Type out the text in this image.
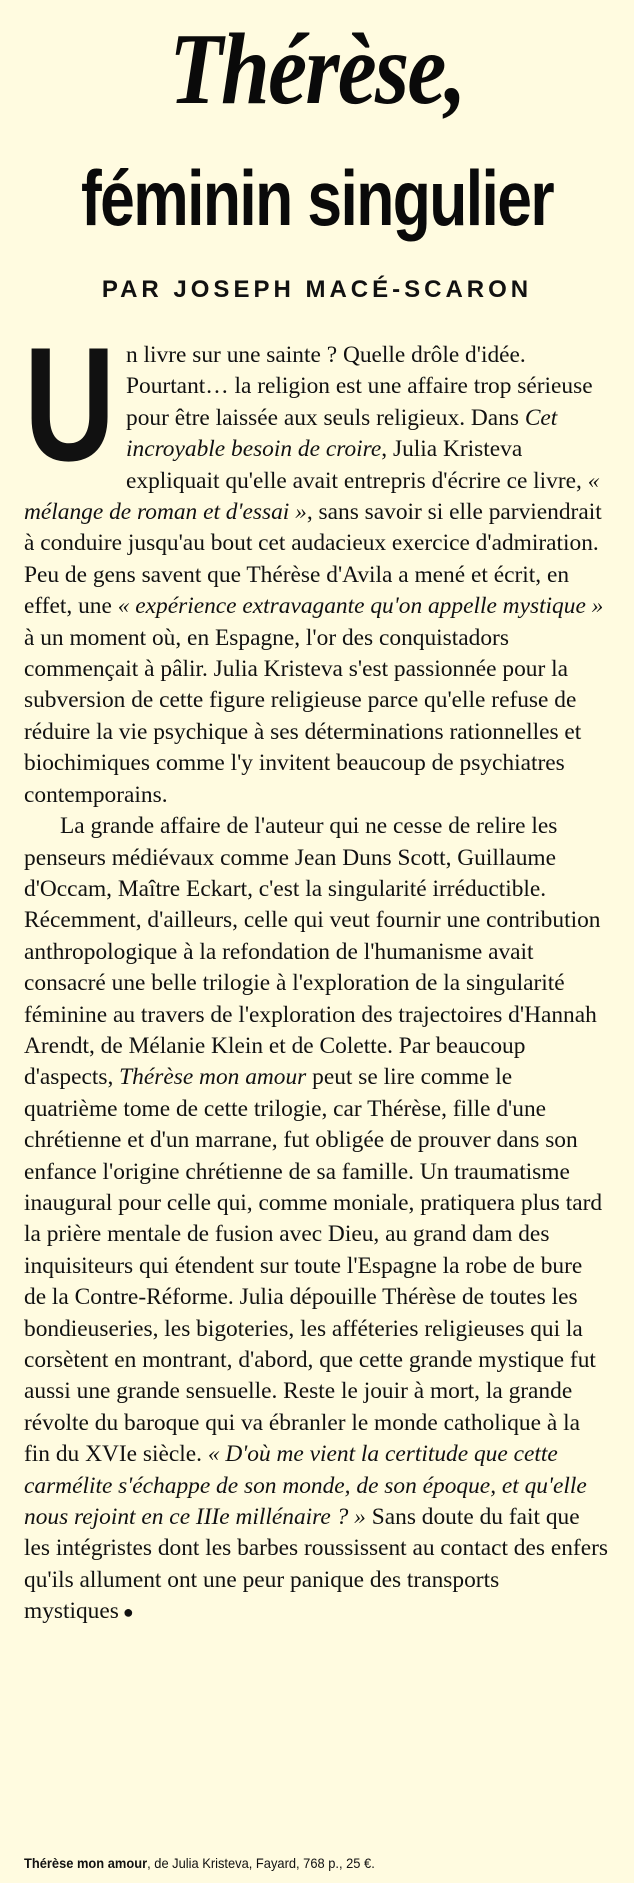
Thérèse,
féminin singulier
PAR JOSEPH MACÉ-SCARON
U n livre sur une sainte ? Quelle drôle d'idée. Pourtant… la religion est une affaire trop sérieuse pour être laissée aux seuls religieux. Dans Cet incroyable besoin de croire, Julia Kristeva expliquait qu'elle avait entrepris d'écrire ce livre, « mélange de roman et d'essai », sans savoir si elle parviendrait à conduire jusqu'au bout cet audacieux exercice d'admiration. Peu de gens savent que Thérèse d'Avila a mené et écrit, en effet, une « expérience extravagante qu'on appelle mystique » à un moment où, en Espagne, l'or des conquistadors commençait à pâlir. Julia Kristeva s'est passionnée pour la subversion de cette figure religieuse parce qu'elle refuse de réduire la vie psychique à ses déterminations rationnelles et biochimiques comme l'y invitent beaucoup de psychiatres contemporains.

La grande affaire de l'auteur qui ne cesse de relire les penseurs médiévaux comme Jean Duns Scott, Guillaume d'Occam, Maître Eckart, c'est la singularité irréductible. Récemment, d'ailleurs, celle qui veut fournir une contribution anthropologique à la refondation de l'humanisme avait consacré une belle trilogie à l'exploration de la singularité féminine au travers de l'exploration des trajectoires d'Hannah Arendt, de Mélanie Klein et de Colette. Par beaucoup d'aspects, Thérèse mon amour peut se lire comme le quatrième tome de cette trilogie, car Thérèse, fille d'une chrétienne et d'un marrane, fut obligée de prouver dans son enfance l'origine chrétienne de sa famille. Un traumatisme inaugural pour celle qui, comme moniale, pratiquera plus tard la prière mentale de fusion avec Dieu, au grand dam des inquisiteurs qui étendent sur toute l'Espagne la robe de bure de la Contre-Réforme. Julia dépouille Thérèse de toutes les bondieuseries, les bigoteries, les afféteries religieuses qui la corsètent en montrant, d'abord, que cette grande mystique fut aussi une grande sensuelle. Reste le jouir à mort, la grande révolte du baroque qui va ébranler le monde catholique à la fin du XVIe siècle. « D'où me vient la certitude que cette carmélite s'échappe de son monde, de son époque, et qu'elle nous rejoint en ce IIIe millénaire ? » Sans doute du fait que les intégristes dont les barbes roussissent au contact des enfers qu'ils allument ont une peur panique des transports mystiques ●

Thérèse mon amour, de Julia Kristeva, Fayard, 768 p., 25 €.
